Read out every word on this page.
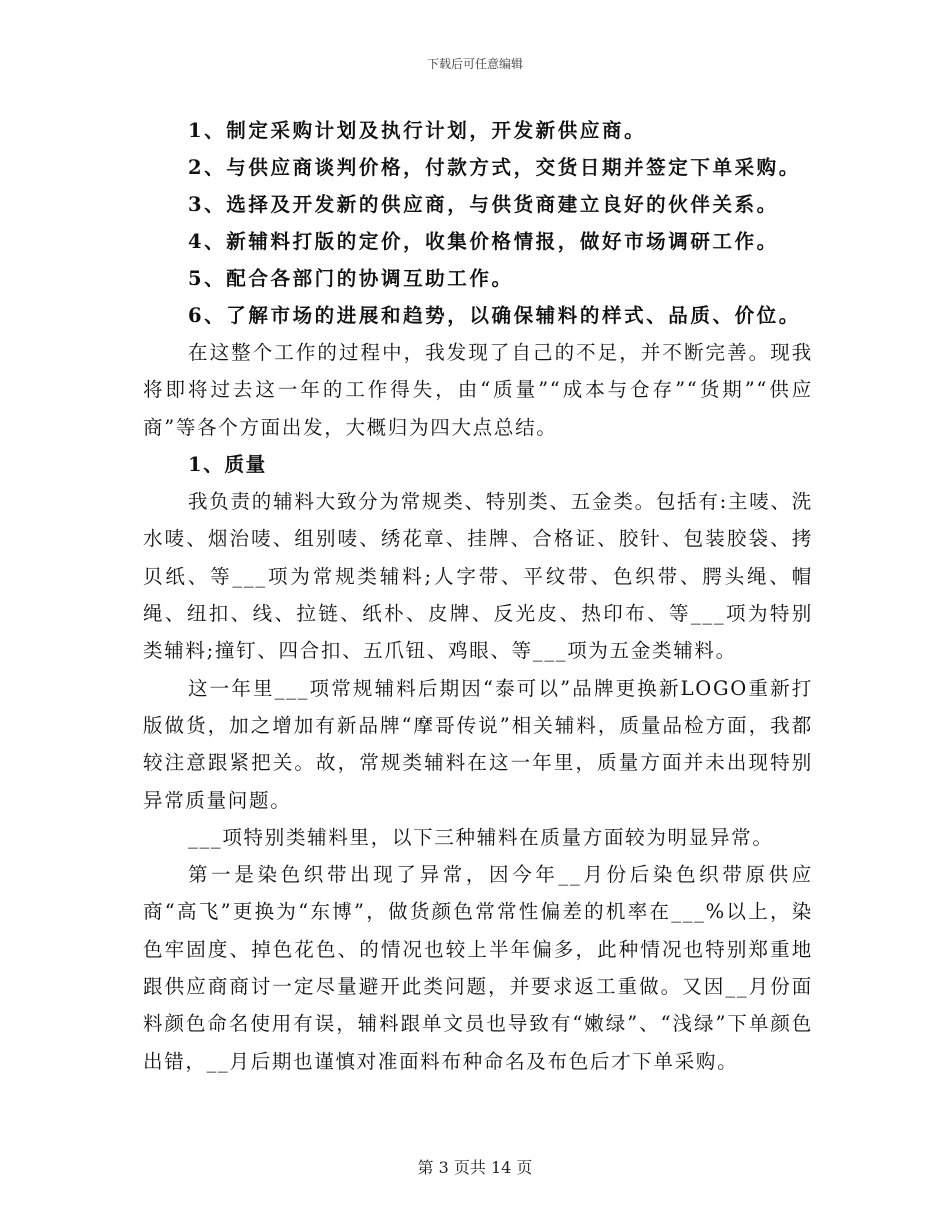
下载后可任意编辑
1、制定采购计划及执行计划，开发新供应商。
2、与供应商谈判价格，付款方式，交货日期并签定下单采购。
3、选择及开发新的供应商，与供货商建立良好的伙伴关系。
4、新辅料打版的定价，收集价格情报，做好市场调研工作。
5、配合各部门的协调互助工作。
6、了解市场的进展和趋势，以确保辅料的样式、品质、价位。

在这整个工作的过程中，我发现了自己的不足，并不断完善。现我将即将过去这一年的工作得失，由“质量”“成本与仓存”“货期”“供应商”等各个方面出发，大概归为四大点总结。

1、质量

我负责的辅料大致分为常规类、特别类、五金类。包括有:主唛、洗水唛、烟治唛、组别唛、绣花章、挂牌、合格证、胶针、包装胶袋、拷贝纸、等___项为常规类辅料;人字带、平纹带、色织带、腭头绳、帽绳、纽扣、线、拉链、纸朴、皮牌、反光皮、热印布、等___项为特别类辅料;撞钉、四合扣、五爪钮、鸡眼、等___项为五金类辅料。

这一年里___项常规辅料后期因“泰可以”品牌更换新LOGO重新打版做货，加之增加有新品牌“摩哥传说”相关辅料，质量品检方面，我都较注意跟紧把关。故，常规类辅料在这一年里，质量方面并未出现特别异常质量问题。

___项特别类辅料里，以下三种辅料在质量方面较为明显异常。

第一是染色织带出现了异常，因今年__月份后染色织带原供应商“高飞”更换为“东博”，做货颜色常常性偏差的机率在___%以上，染色牢固度、掉色花色、的情况也较上半年偏多，此种情况也特别郑重地跟供应商商讨一定尽量避开此类问题，并要求返工重做。又因__月份面料颜色命名使用有误，辅料跟单文员也导致有“嫩绿”、“浅绿”下单颜色出错，__月后期也谨慎对准面料布种命名及布色后才下单采购。

第 3 页共 14 页
